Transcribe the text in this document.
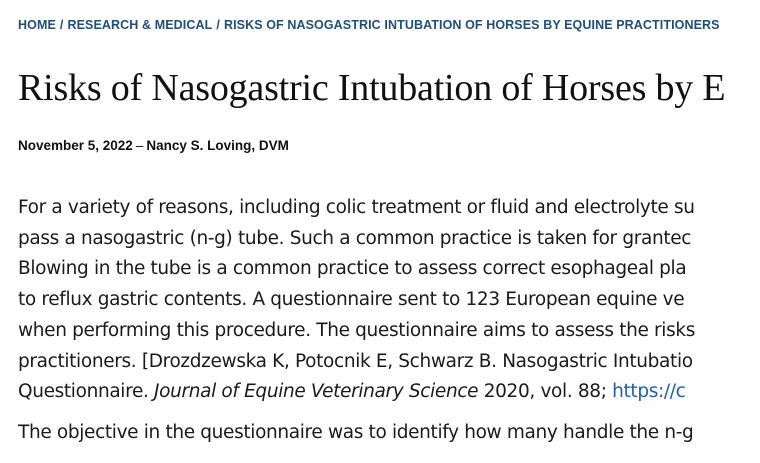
HOME / RESEARCH & MEDICAL / RISKS OF NASOGASTRIC INTUBATION OF HORSES BY EQUINE PRACTITIONERS
Risks of Nasogastric Intubation of Horses by E
November 5, 2022 – Nancy S. Loving, DVM

For a variety of reasons, including colic treatment or fluid and electrolyte su
pass a nasogastric (n-g) tube. Such a common practice is taken for grantec
Blowing in the tube is a common practice to assess correct esophageal pla
to reflux gastric contents. A questionnaire sent to 123 European equine ve
when performing this procedure. The questionnaire aims to assess the risks
practitioners. [Drozdzewska K, Potocnik E, Schwarz B. Nasogastric Intubatio
Questionnaire. Journal of Equine Veterinary Science 2020, vol. 88; https://c

The objective in the questionnaire was to identify how many handle the n-g
